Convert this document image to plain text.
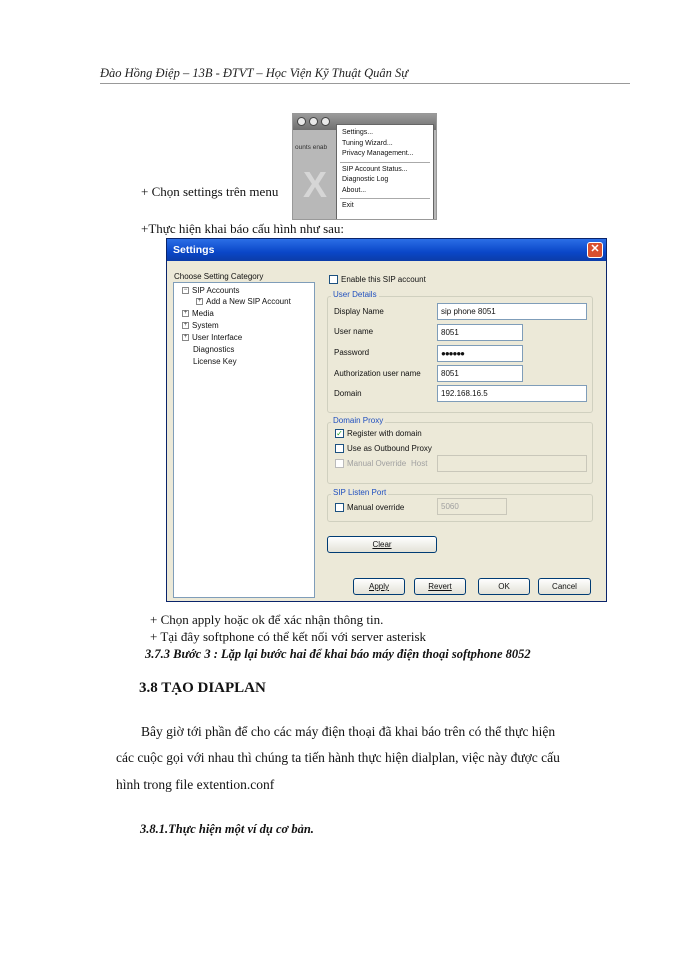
Đào Hồng Điệp – 13B - ĐTVT – Học Viện Kỹ Thuật Quân Sự
ounts enab
X
Settings...
Tuning Wizard...
Privacy Management...
SIP Account Status...
Diagnostic Log
About...
Exit
+ Chọn settings trên menu
+Thực hiện khai báo cấu hình như sau:
Settings	✕
Choose Setting Category
− SIP Accounts
+ Add a New SIP Account
+ Media
+ System
+ User Interface
Diagnostics
License Key
Enable this SIP account
User Details
Display Name	sip phone 8051
User name	8051
Password	●●●●●●
Authorization user name	8051
Domain	192.168.16.5
Domain Proxy
✓ Register with domain
Use as Outbound Proxy
Manual Override Host
SIP Listen Port
Manual override	5060
Clear
Apply	Revert	OK	Cancel
+ Chọn apply hoặc ok để xác nhận thông tin.
+ Tại đây softphone có thể kết nối với server asterisk
3.7.3 Bước 3 : Lặp lại bước hai để khai báo máy điện thoại softphone 8052
3.8 TẠO DIAPLAN
Bây giờ tới phần để cho các máy điện thoại đã khai báo trên có thể thực hiện
các cuộc gọi với nhau thì chúng ta tiến hành thực hiện dialplan, việc này được cấu
hình trong file extention.conf
3.8.1.Thực hiện một ví dụ cơ bản.
